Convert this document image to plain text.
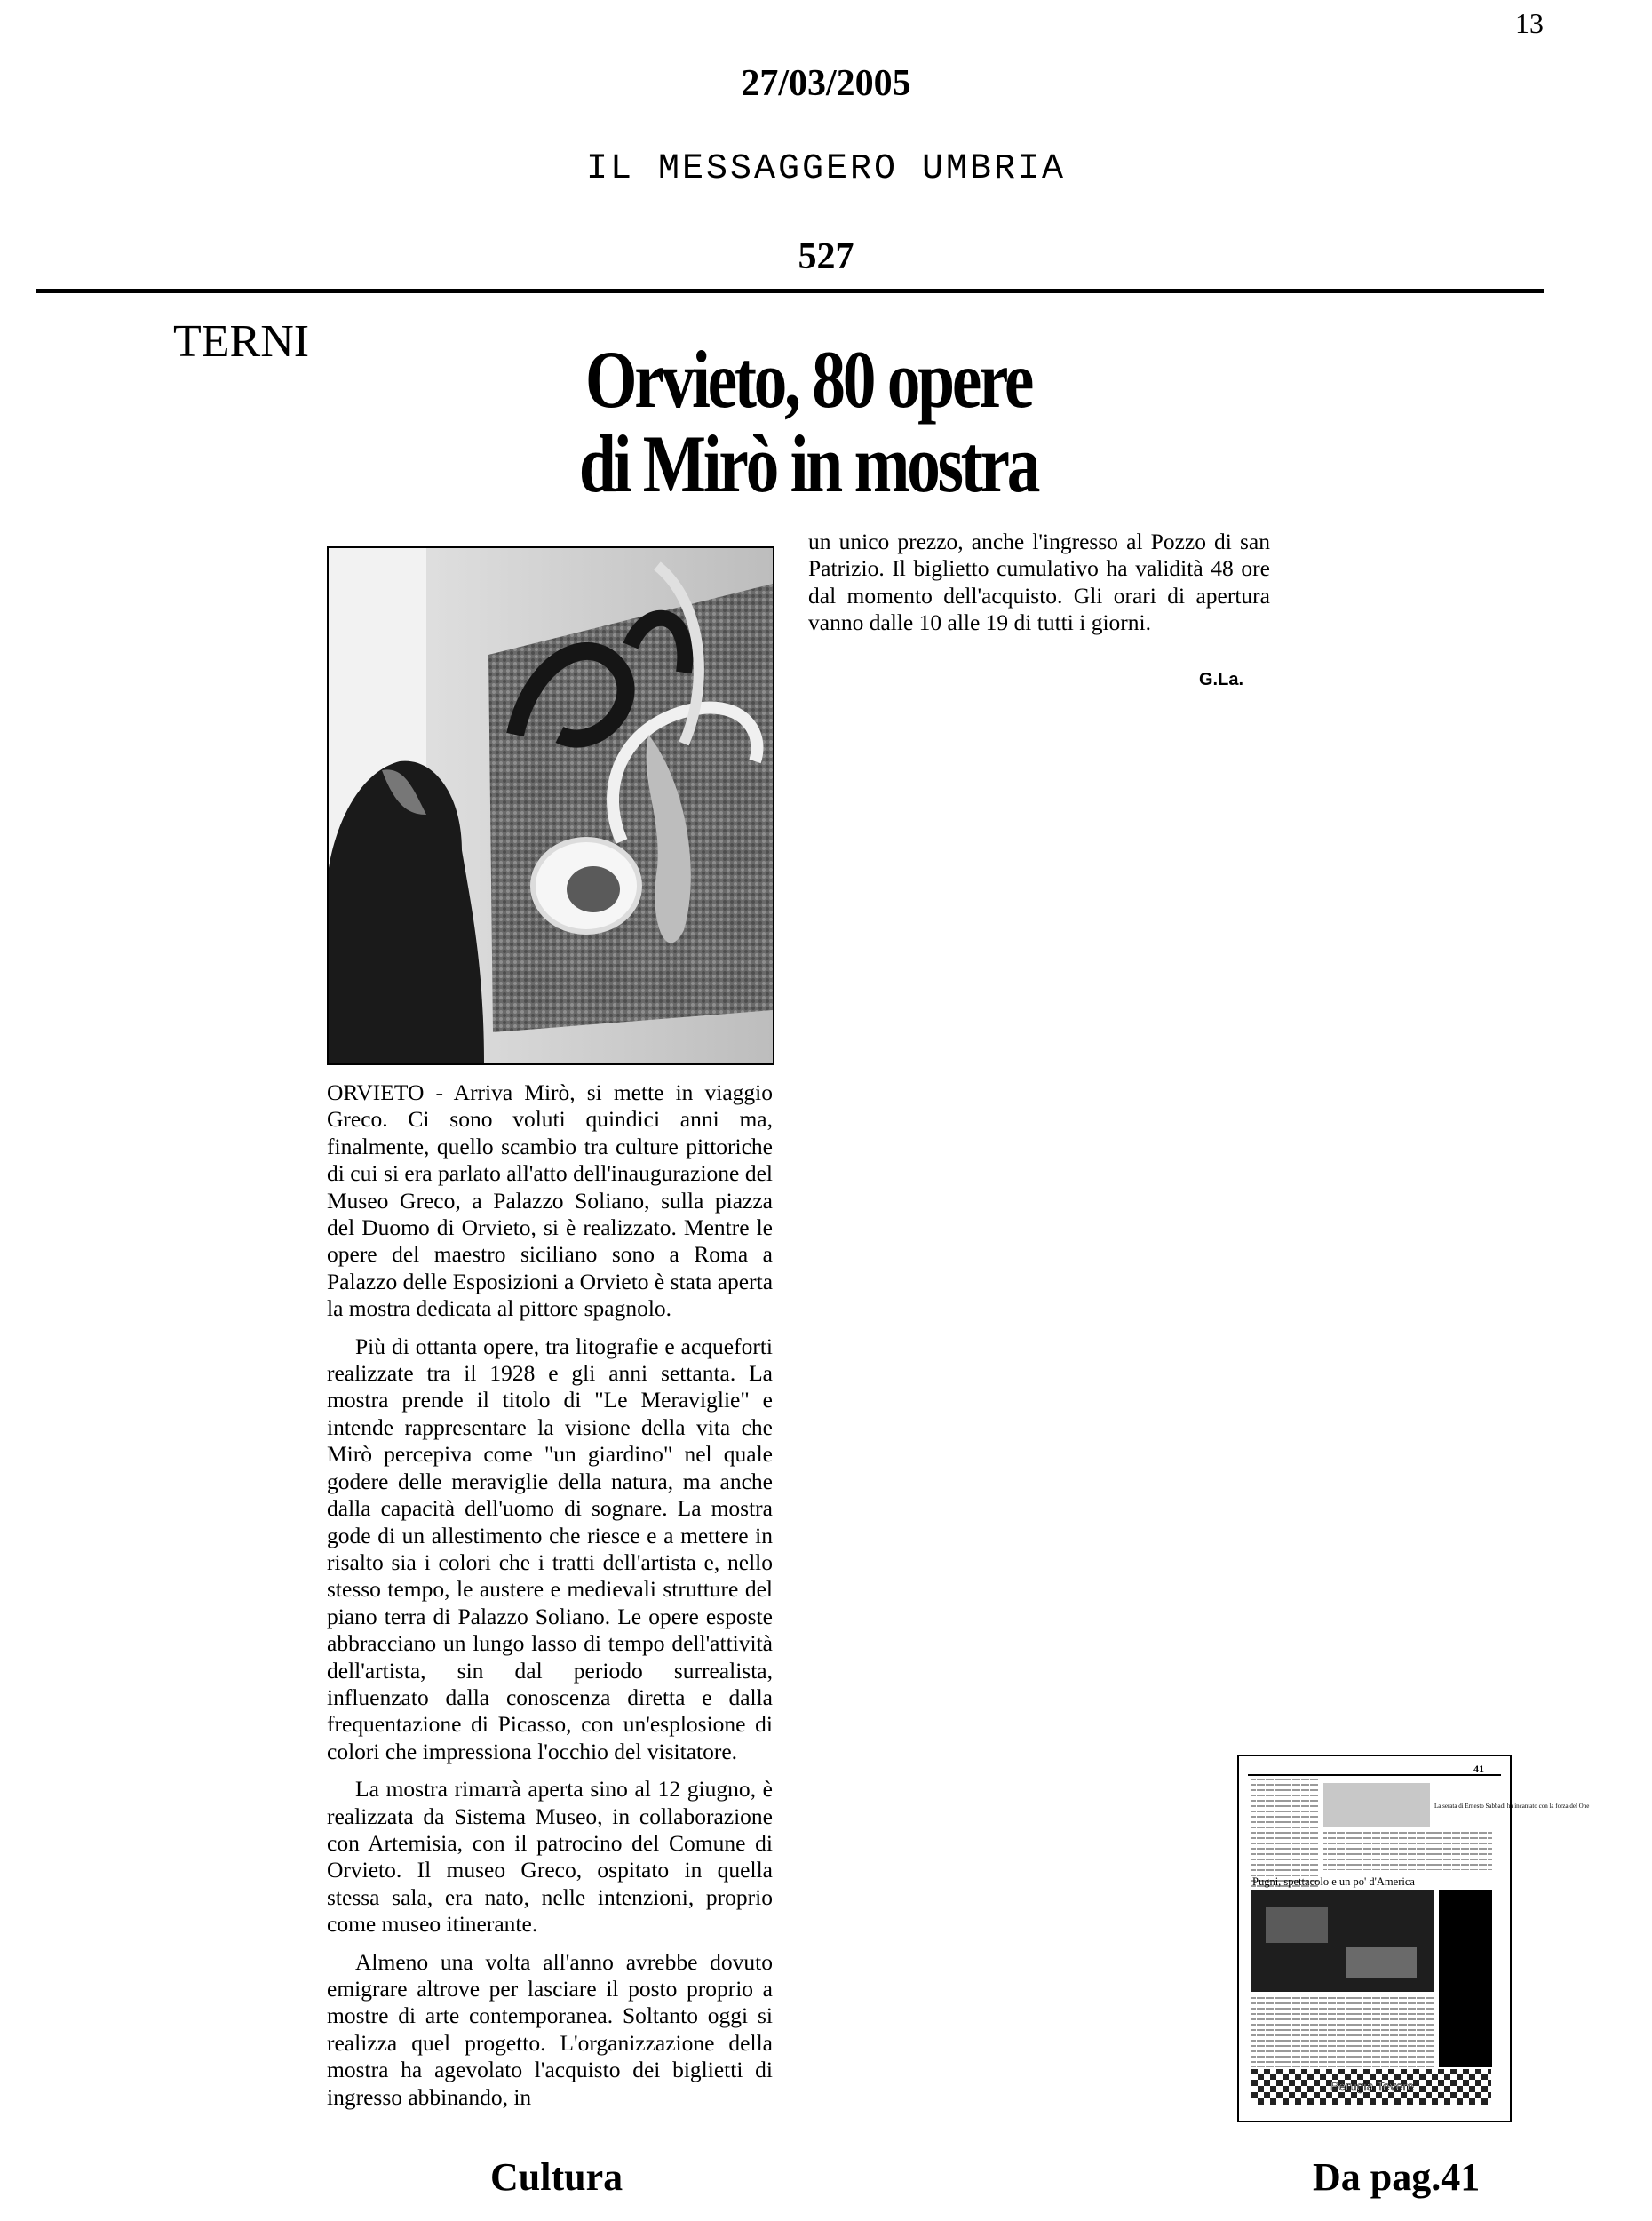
13
27/03/2005
IL MESSAGGERO UMBRIA
527
TERNI	Orvieto, 80 opere
di Mirò in mostra

ORVIETO - Arriva Mirò, si mette in viaggio Greco. Ci sono voluti quindici anni ma, finalmente, quello scambio tra culture pittoriche di cui si era parlato all'atto dell'inaugurazione del Museo Greco, a Palazzo Soliano, sulla piazza del Duomo di Orvieto, si è realizzato. Mentre le opere del maestro siciliano sono a Roma a Palazzo delle Esposizioni a Orvieto è stata aperta la mostra dedicata al pittore spagnolo.

Più di ottanta opere, tra litografie e acqueforti realizzate tra il 1928 e gli anni settanta. La mostra prende il titolo di "Le Meraviglie" e intende rappresentare la visione della vita che Mirò percepiva come "un giardino" nel quale godere delle meraviglie della natura, ma anche dalla capacità dell'uomo di sognare. La mostra gode di un allestimento che riesce e a mettere in risalto sia i colori che i tratti dell'artista e, nello stesso tempo, le austere e medievali strutture del piano terra di Palazzo Soliano. Le opere esposte abbracciano un lungo lasso di tempo dell'attività dell'artista, sin dal periodo surrealista, influenzato dalla conoscenza diretta e dalla frequentazione di Picasso, con un'esplosione di colori che impressiona l'occhio del visitatore.

La mostra rimarrà aperta sino al 12 giugno, è realizzata da Sistema Museo, in collaborazione con Artemisia, con il patrocino del Comune di Orvieto. Il museo Greco, ospitato in quella stessa sala, era nato, nelle intenzioni, proprio come museo itinerante.

Almeno una volta all'anno avrebbe dovuto emigrare altrove per lasciare il posto proprio a mostre di arte contemporanea. Soltanto oggi si realizza quel progetto. L'organizzazione della mostra ha agevolato l'acquisto dei biglietti di ingresso abbinando, in

un unico prezzo, anche l'ingresso al Pozzo di san Patrizio. Il biglietto cumulativo ha validità 48 ore dal momento dell'acquisto. Gli orari di apertura vanno dalle 10 alle 19 di tutti i giorni.

G.La.
41
La serata di Ernesto Sabbadi ha incantato con la forza del One
Pugni, spettacolo e un po' d'America
Perugia Tevere
Cultura	Da pag.41
